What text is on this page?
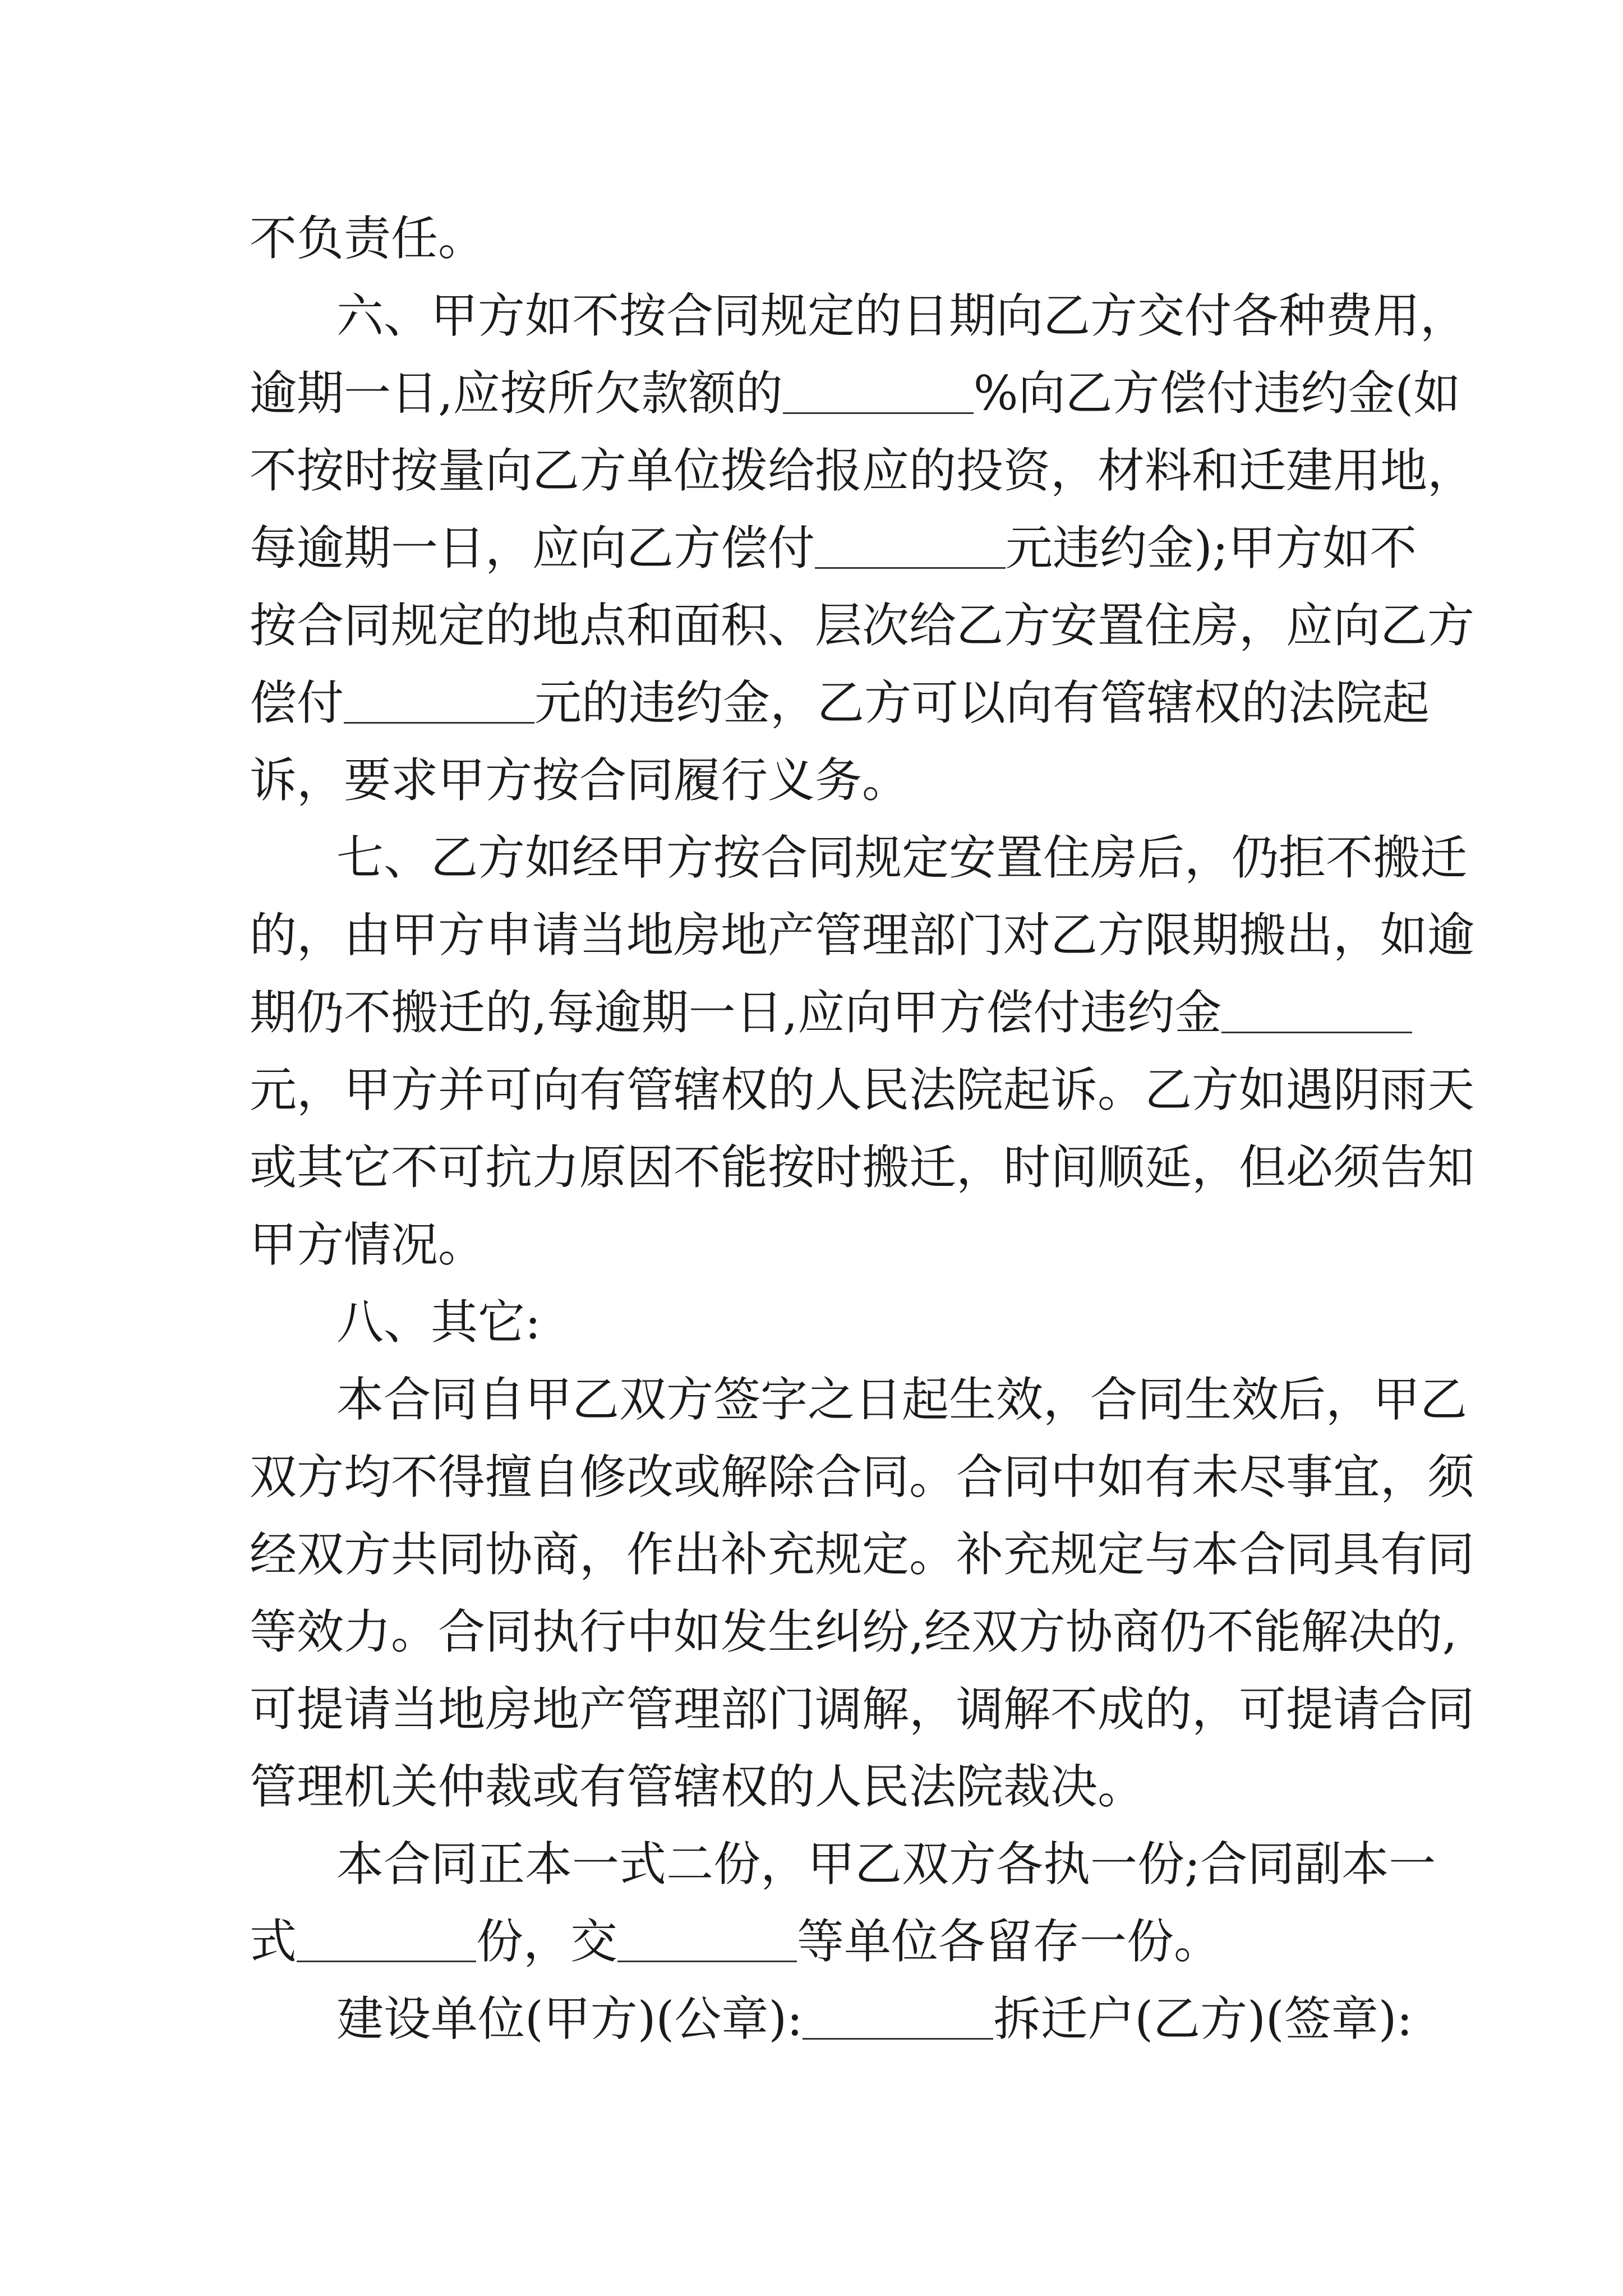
不负责任。
六、甲方如不按合同规定的日期向乙方交付各种费用，
逾期一日,应按所欠款额的	%向乙方偿付违约金(如
不按时按量向乙方单位拨给报应的投资，材料和迁建用地，
每逾期一日，应向乙方偿付	元违约金);甲方如不
按合同规定的地点和面积、层次给乙方安置住房，应向乙方
偿付	元的违约金，乙方可以向有管辖权的法院起
诉，要求甲方按合同履行义务。
七、乙方如经甲方按合同规定安置住房后，仍拒不搬迁
的，由甲方申请当地房地产管理部门对乙方限期搬出，如逾
期仍不搬迁的,每逾期一日,应向甲方偿付违约金
元，甲方并可向有管辖权的人民法院起诉。乙方如遇阴雨天
或其它不可抗力原因不能按时搬迁，时间顺延，但必须告知
甲方情况。
八、其它:
本合同自甲乙双方签字之日起生效，合同生效后，甲乙
双方均不得擅自修改或解除合同。合同中如有未尽事宜，须
经双方共同协商，作出补充规定。补充规定与本合同具有同
等效力。合同执行中如发生纠纷,经双方协商仍不能解决的,
可提请当地房地产管理部门调解，调解不成的，可提请合同
管理机关仲裁或有管辖权的人民法院裁决。
本合同正本一式二份，甲乙双方各执一份;合同副本一
式	份，交	等单位各留存一份。
建设单位(甲方)(公章):	拆迁户(乙方)(签章):
